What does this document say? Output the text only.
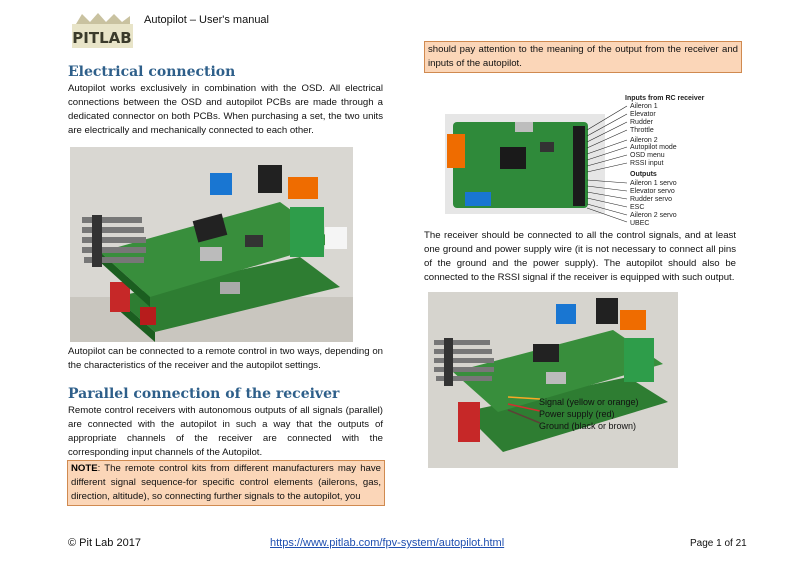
PITLAB
Autopilot – User's manual
Electrical connection
Autopilot works exclusively in combination with the OSD. All electrical connections between the OSD and autopilot PCBs are made through a dedicated connector on both PCBs. When purchasing a set, the two units are electrically and mechanically connected to each other.
Autopilot can be connected to a remote control in two ways, depending on the characteristics of the receiver and the autopilot settings.
Parallel connection of the receiver
Remote control receivers with autonomous outputs of all signals (parallel) are connected with the autopilot in such a way that the outputs of appropriate channels of the receiver are connected with the corresponding input channels of the Autopilot.
NOTE: The remote control kits from different manufacturers may have different signal sequence-for specific control elements (ailerons, gas, direction, altitude), so connecting further signals to the autopilot, you
should pay attention to the meaning of the output from the receiver and inputs of the autopilot.
Inputs from RC receiver
Aileron 1
Elevator
Rudder
Throttle
Aileron 2
Autopilot mode
OSD menu
RSSI input
Outputs
Aileron 1 servo
Elevator servo
Rudder servo
ESC
Aileron 2 servo
UBEC
The receiver should be connected to all the control signals, and at least one ground and power supply wire (it is not necessary to connect all pins of the ground and the power supply). The autopilot should also be connected to the RSSI signal if the receiver is equipped with such output.
Signal (yellow or orange)
Power supply (red)
Ground (black or brown)
© Pit Lab 2017	https://www.pitlab.com/fpv-system/autopilot.html	Page 1 of 21
